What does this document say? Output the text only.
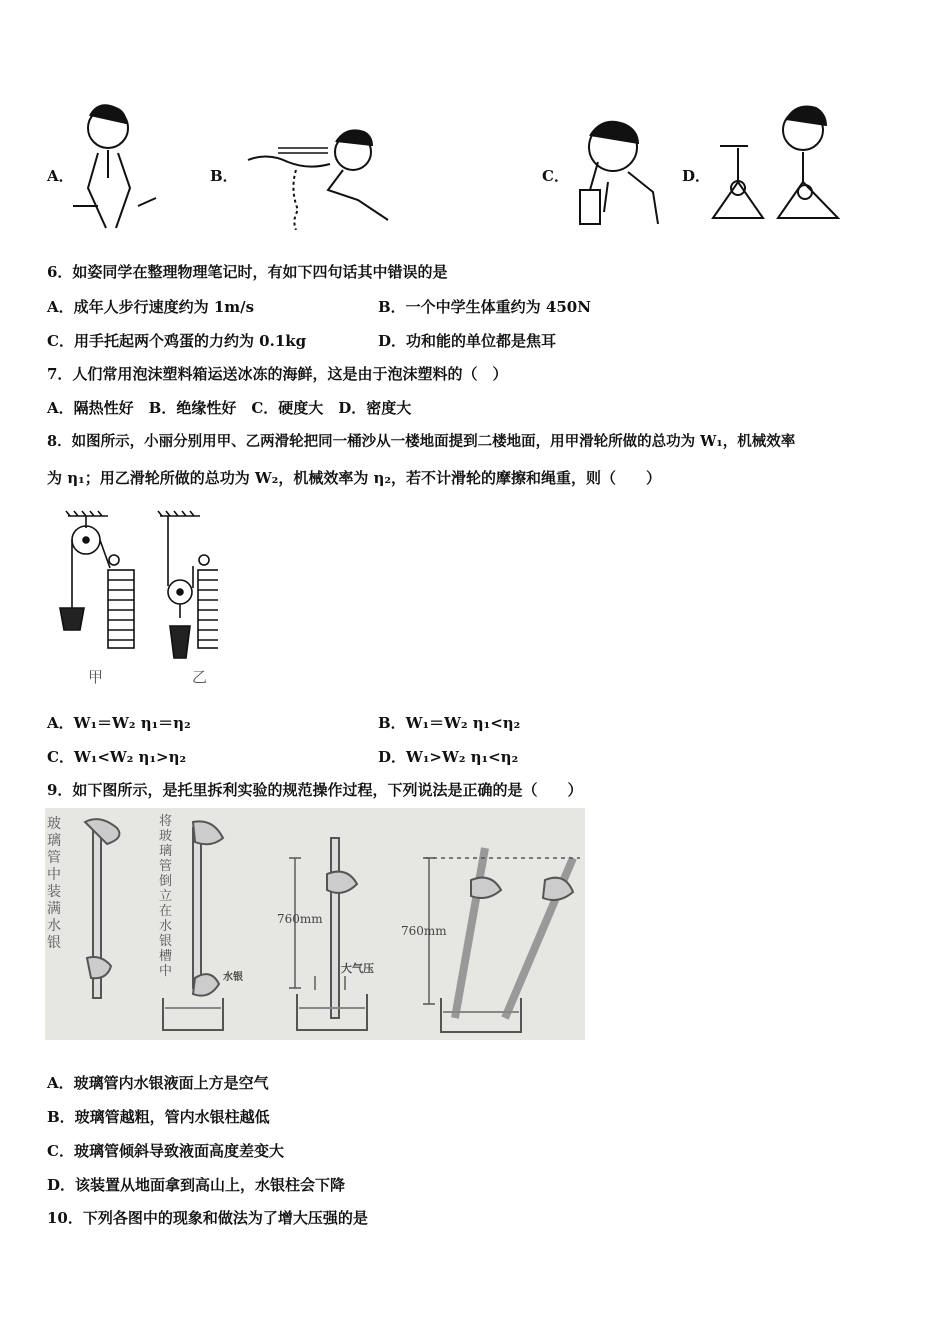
A．	B．	C．	D．
6．如姿同学在整理物理笔记时，有如下四句话其中错误的是
A．成年人步行速度约为 1m/s	B．一个中学生体重约为 450N
C．用手托起两个鸡蛋的力约为 0.1kg	D．功和能的单位都是焦耳
7．人们常用泡沫塑料箱运送冰冻的海鲜，这是由于泡沫塑料的（　）
A．隔热性好　B．绝缘性好　C．硬度大　D．密度大
8．如图所示，小丽分别用甲、乙两滑轮把同一桶沙从一楼地面提到二楼地面，用甲滑轮所做的总功为 W₁，机械效率
为 η₁；用乙滑轮所做的总功为 W₂，机械效率为 η₂，若不计滑轮的摩擦和绳重，则（　　）
甲	乙
A．W₁＝W₂ η₁＝η₂	B．W₁＝W₂ η₁<η₂
C．W₁<W₂ η₁>η₂	D．W₁>W₂ η₁<η₂
9．如下图所示，是托里拆利实验的规范操作过程，下列说法是正确的是（　　）
玻璃管中装满水银
将玻璃管倒立在水银槽中	水银
760mm
大气压
760mm
A．玻璃管内水银液面上方是空气
B．玻璃管越粗，管内水银柱越低
C．玻璃管倾斜导致液面高度差变大
D．该装置从地面拿到高山上，水银柱会下降
10．下列各图中的现象和做法为了增大压强的是
